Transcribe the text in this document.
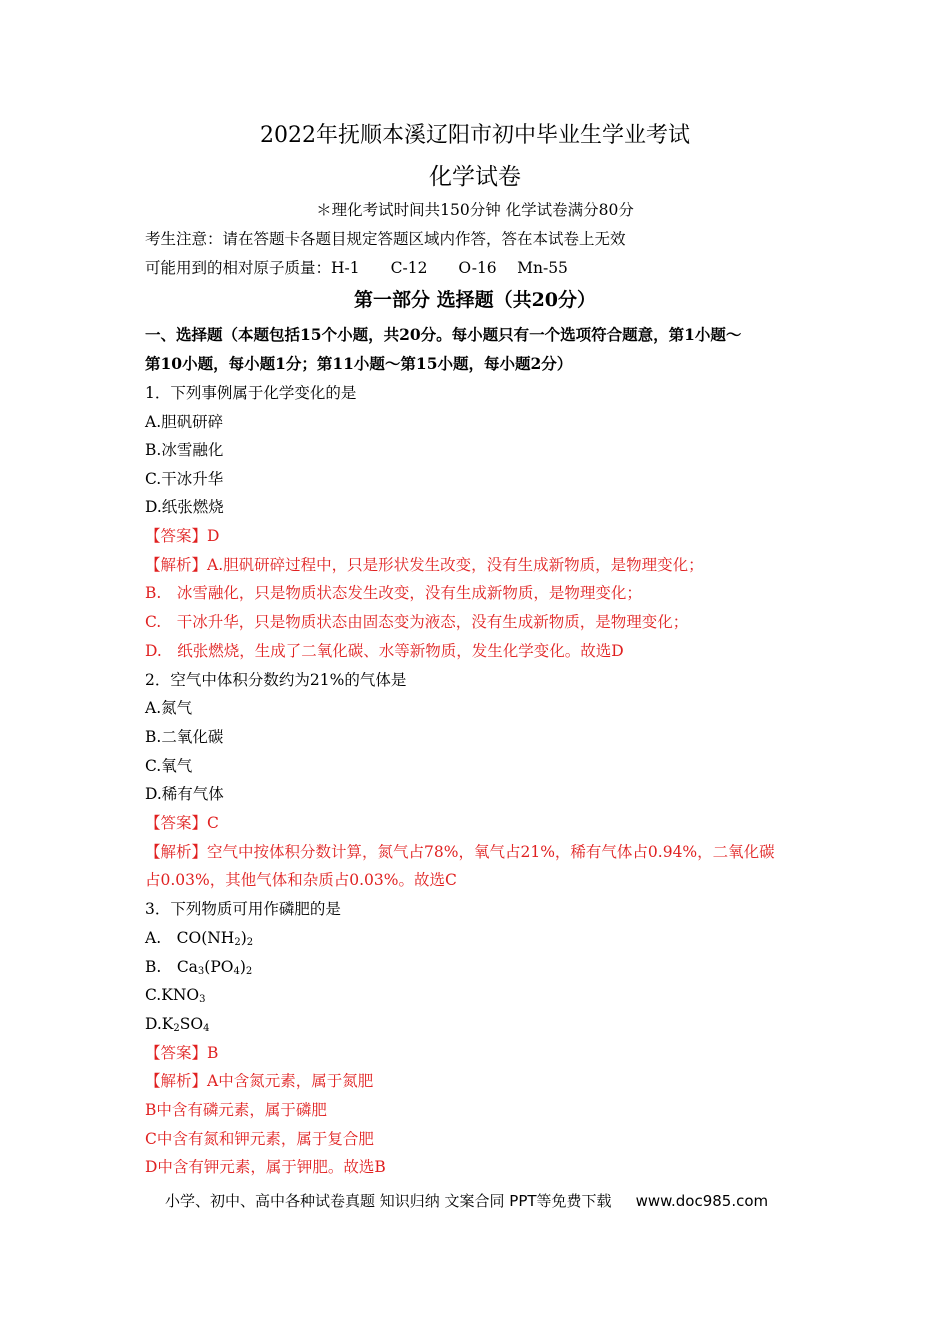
2022年抚顺本溪辽阳市初中毕业生学业考试
化学试卷
＊理化考试时间共150分钟 化学试卷满分80分
考生注意：请在答题卡各题目规定答题区域内作答，答在本试卷上无效
可能用到的相对原子质量：H-1　　C-12　　O-16　 Mn-55
第一部分 选择题（共20分）
一、选择题（本题包括15个小题，共20分。每小题只有一个选项符合题意，第1小题～
第10小题，每小题1分；第11小题～第15小题，每小题2分）
1．下列事例属于化学变化的是
A.胆矾研碎
B.冰雪融化
C.干冰升华
D.纸张燃烧
【答案】D
【解析】A.胆矾研碎过程中，只是形状发生改变，没有生成新物质，是物理变化；
B.　冰雪融化，只是物质状态发生改变，没有生成新物质，是物理变化；
C.　干冰升华，只是物质状态由固态变为液态，没有生成新物质，是物理变化；
D.　纸张燃烧，生成了二氧化碳、水等新物质，发生化学变化。故选D
2．空气中体积分数约为21%的气体是
A.氮气
B.二氧化碳
C.氧气
D.稀有气体
【答案】C
【解析】空气中按体积分数计算，氮气占78%，氧气占21%，稀有气体占0.94%，二氧化碳
占0.03%，其他气体和杂质占0.03%。故选C
3．下列物质可用作磷肥的是
A.　$CO(NH_2)_2$
B.　$Ca_3(PO_4)_2$
$C.KNO_3$
$D.K_2SO_4$
【答案】B
【解析】A中含氮元素，属于氮肥
B中含有磷元素，属于磷肥
C中含有氮和钾元素，属于复合肥
D中含有钾元素，属于钾肥。故选B
小学、初中、高中各种试卷真题 知识归纳 文案合同 PPT等免费下载 www.doc985.com
